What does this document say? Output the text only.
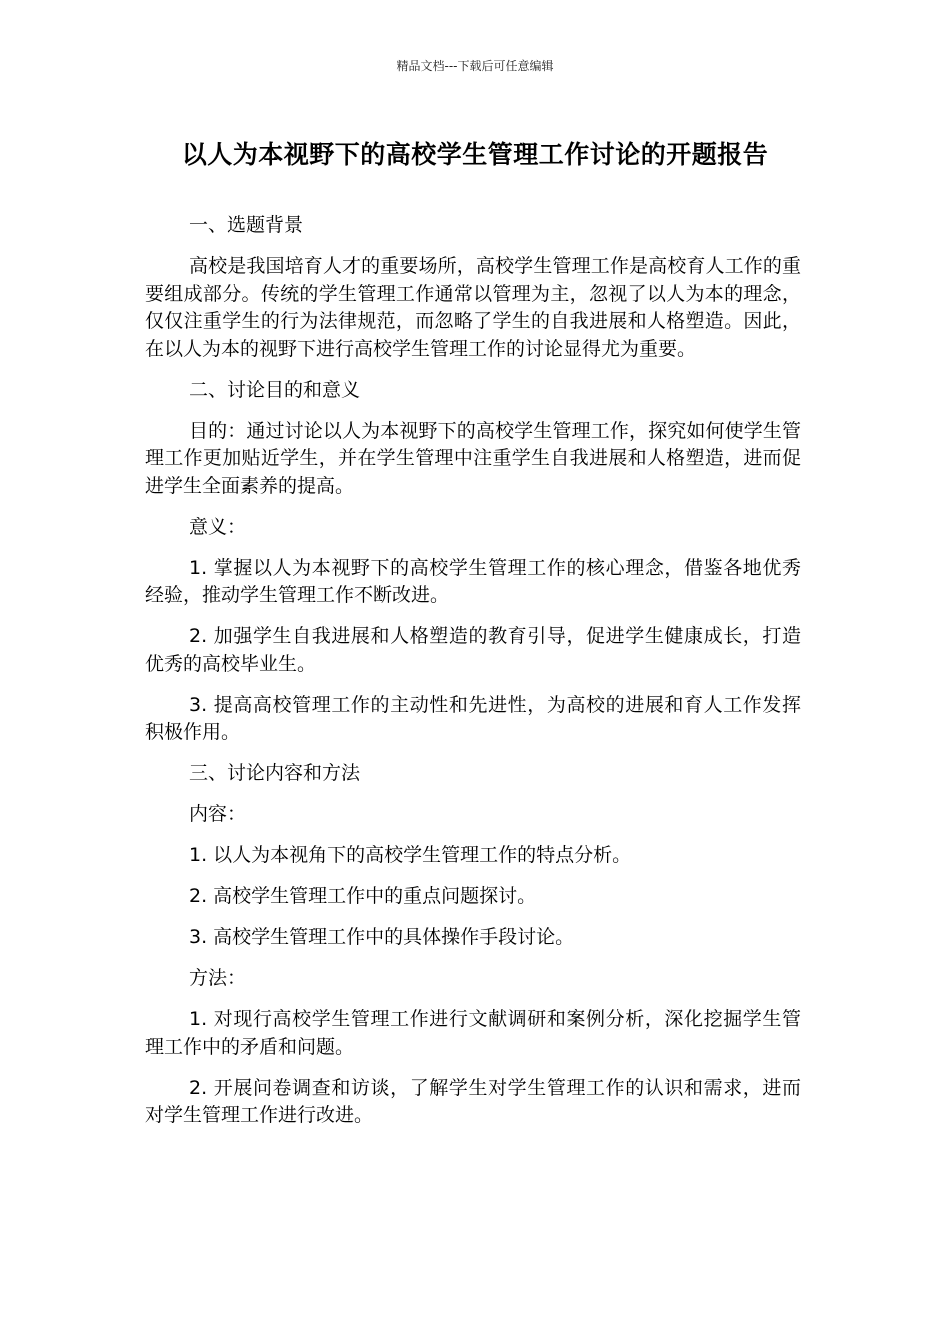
精品文档---下载后可任意编辑
以人为本视野下的高校学生管理工作讨论的开题报告

一、选题背景

高校是我国培育人才的重要场所，高校学生管理工作是高校育人工作的重要组成部分。传统的学生管理工作通常以管理为主，忽视了以人为本的理念，仅仅注重学生的行为法律规范，而忽略了学生的自我进展和人格塑造。因此，在以人为本的视野下进行高校学生管理工作的讨论显得尤为重要。

二、讨论目的和意义

目的：通过讨论以人为本视野下的高校学生管理工作，探究如何使学生管理工作更加贴近学生，并在学生管理中注重学生自我进展和人格塑造，进而促进学生全面素养的提高。

意义：

1. 掌握以人为本视野下的高校学生管理工作的核心理念，借鉴各地优秀经验，推动学生管理工作不断改进。

2. 加强学生自我进展和人格塑造的教育引导，促进学生健康成长，打造优秀的高校毕业生。

3. 提高高校管理工作的主动性和先进性，为高校的进展和育人工作发挥积极作用。

三、讨论内容和方法

内容：

1. 以人为本视角下的高校学生管理工作的特点分析。

2. 高校学生管理工作中的重点问题探讨。

3. 高校学生管理工作中的具体操作手段讨论。

方法：

1. 对现行高校学生管理工作进行文献调研和案例分析，深化挖掘学生管理工作中的矛盾和问题。

2. 开展问卷调查和访谈，了解学生对学生管理工作的认识和需求，进而对学生管理工作进行改进。
